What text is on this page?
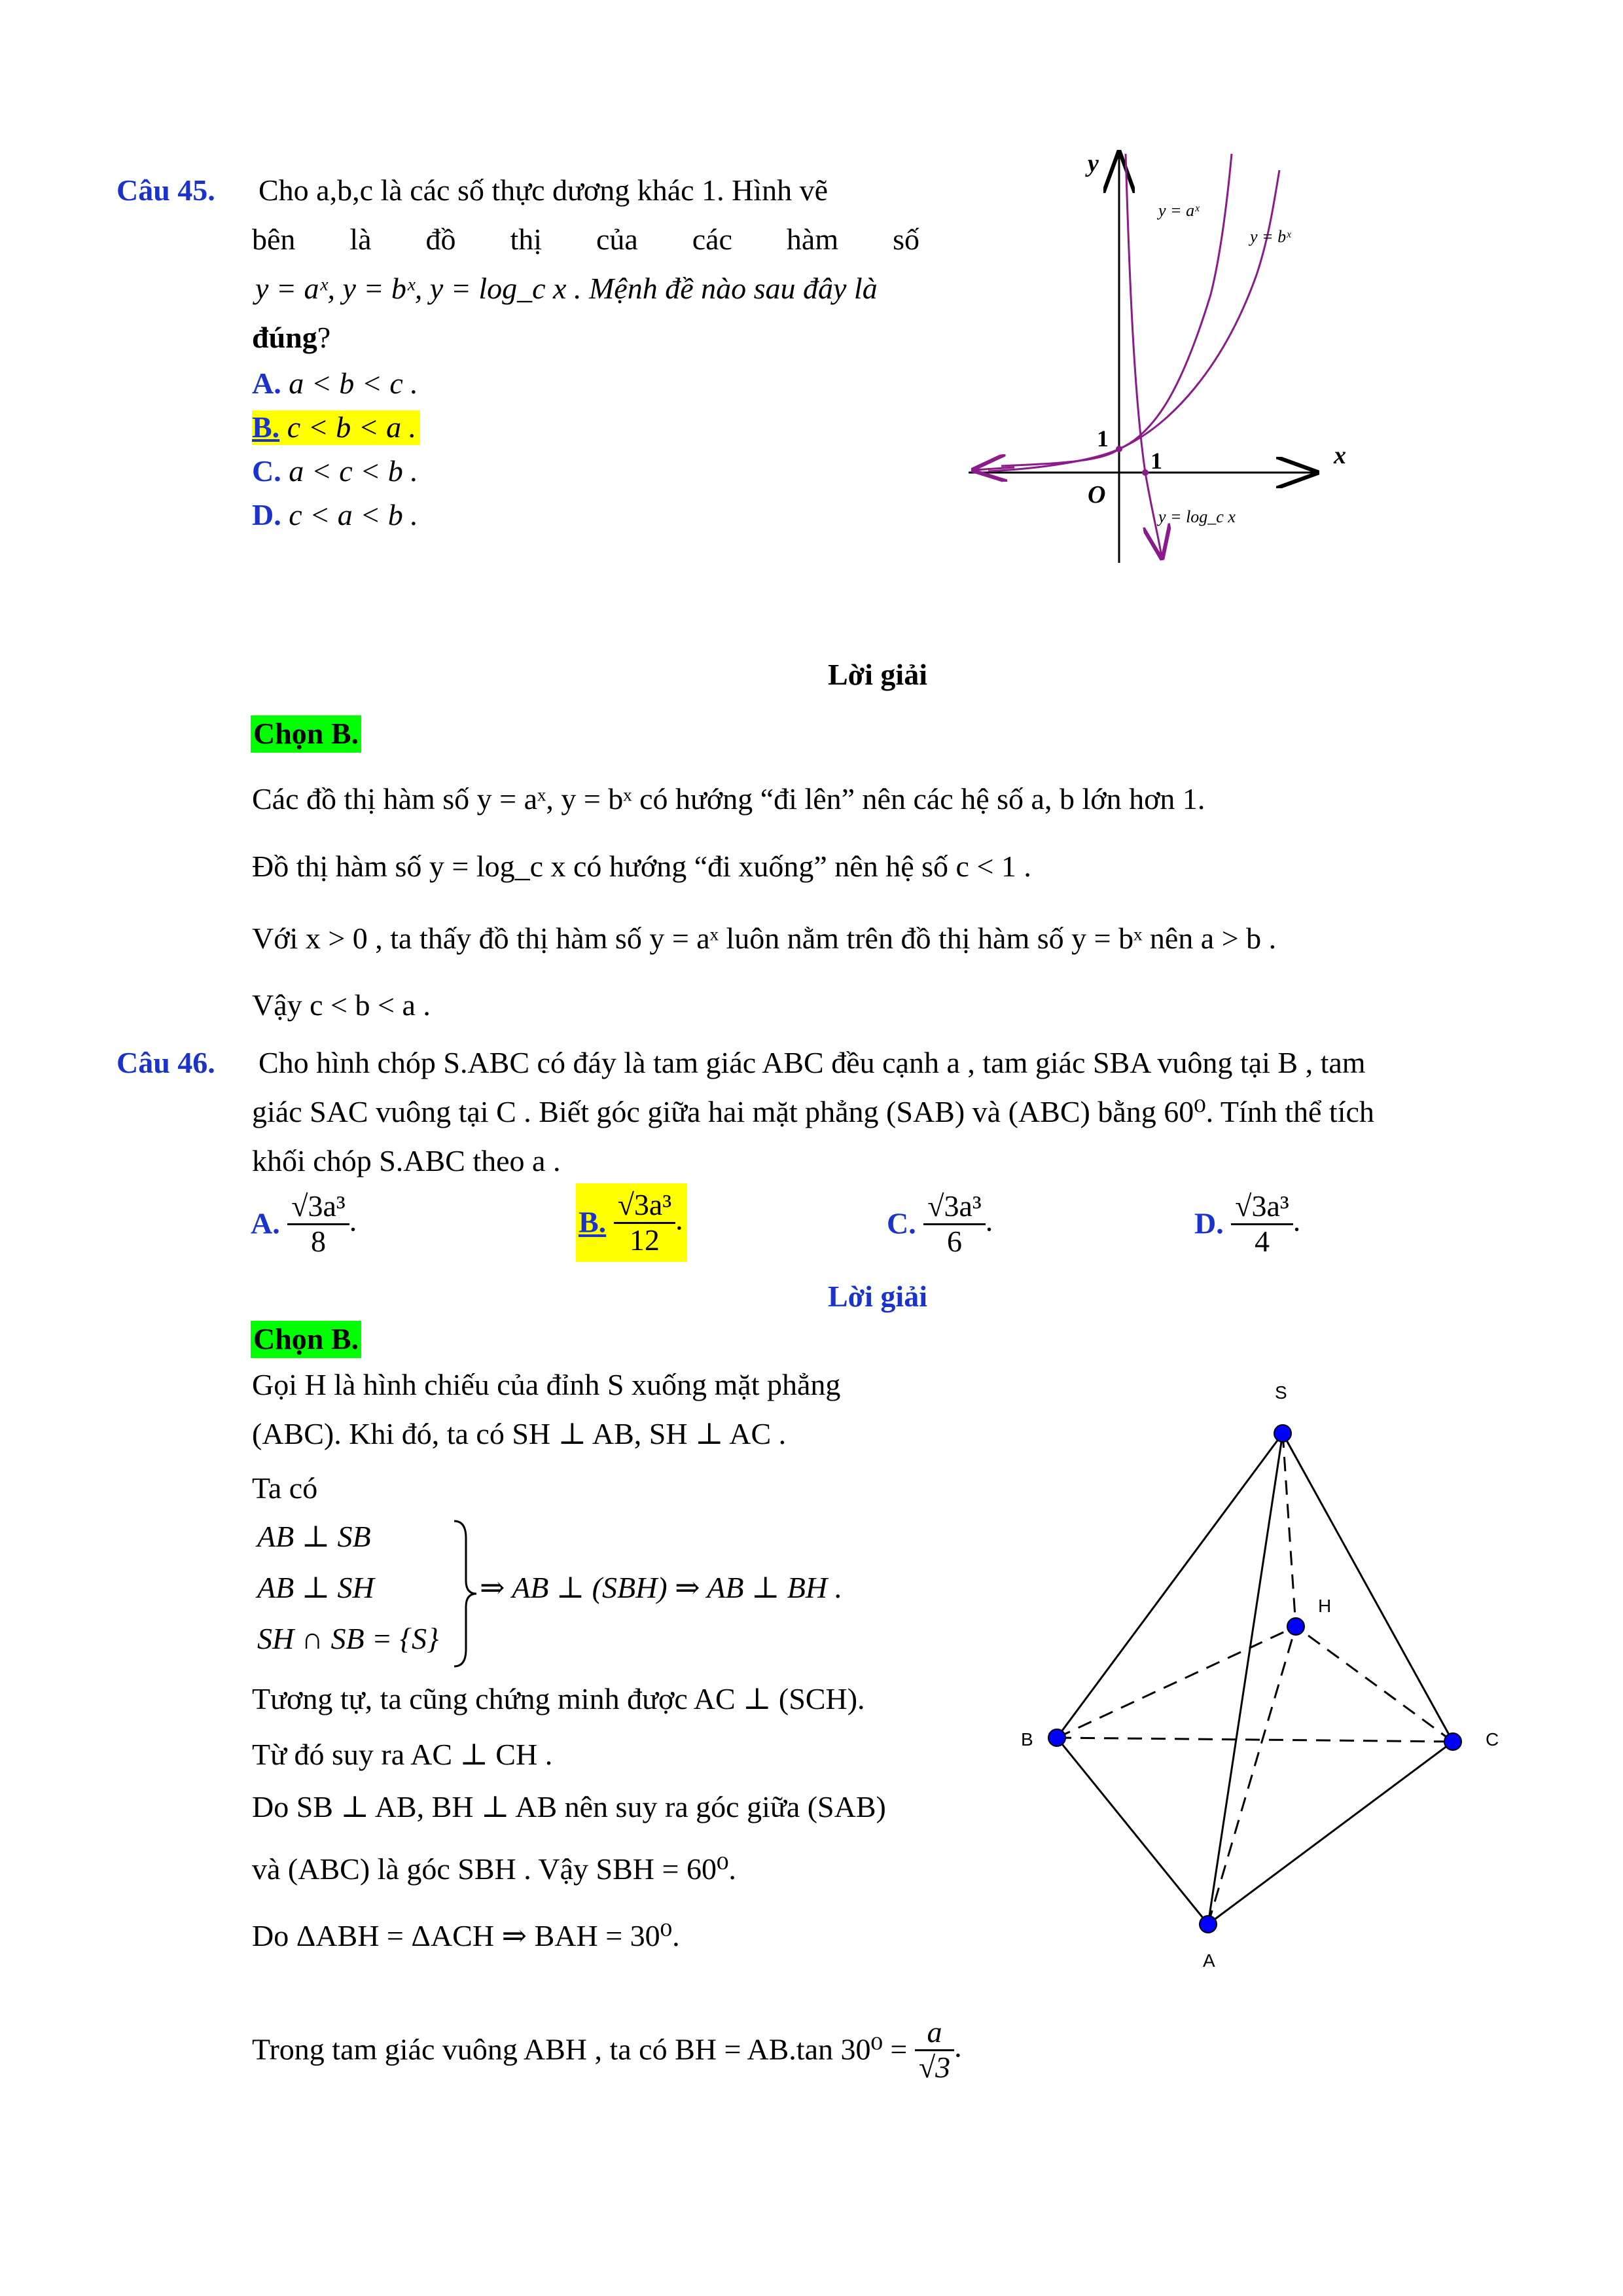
Câu 45. Cho a,b,c là các số thực dương khác 1. Hình vẽ
bên là đồ thị của các hàm số
y = aˣ, y = bˣ, y = log_c x . Mệnh đề nào sau đây là
đúng?
A. a < b < c .
B. c < b < a .
C. a < c < b .
D. c < a < b .
y
x
O
1
1
y = aˣ
y = bˣ
y = log_c x
Lời giải
Chọn B.
Các đồ thị hàm số y = aˣ, y = bˣ có hướng “đi lên” nên các hệ số a, b lớn hơn 1.
Đồ thị hàm số y = log_c x có hướng “đi xuống” nên hệ số c < 1 .
Với x > 0 , ta thấy đồ thị hàm số y = aˣ luôn nằm trên đồ thị hàm số y = bˣ nên a > b .
Vậy c < b < a .
Câu 46. Cho hình chóp S.ABC có đáy là tam giác ABC đều cạnh a , tam giác SBA vuông tại B , tam
giác SAC vuông tại C . Biết góc giữa hai mặt phẳng (SAB) và (ABC) bằng 60⁰. Tính thể tích
khối chóp S.ABC theo a .
A. $\frac{\text{√3a³}}{8}$ .	B. $\frac{\text{√3a³}}{12}$ .	C. $\frac{\text{√3a³}}{6}$ .	D. $\frac{\text{√3a³}}{4}$ .
Lời giải
Chọn B.
Gọi H là hình chiếu của đỉnh S xuống mặt phẳng
(ABC). Khi đó, ta có SH ⊥ AB, SH ⊥ AC .
Ta có
AB ⊥ SB
AB ⊥ SH
SH ∩ SB = {S}
⇒ AB ⊥ (SBH) ⇒ AB ⊥ BH .
Tương tự, ta cũng chứng minh được AC ⊥ (SCH).
Từ đó suy ra AC ⊥ CH .
Do SB ⊥ AB, BH ⊥ AB nên suy ra góc giữa (SAB)
và (ABC) là góc SBH . Vậy SBH = 60⁰.
Do ΔABH = ΔACH ⇒ BAH = 30⁰.
Trong tam giác vuông ABH , ta có BH = AB.tan $30^0 = \frac{a}{√3}$ .
S
H
B	C
A
